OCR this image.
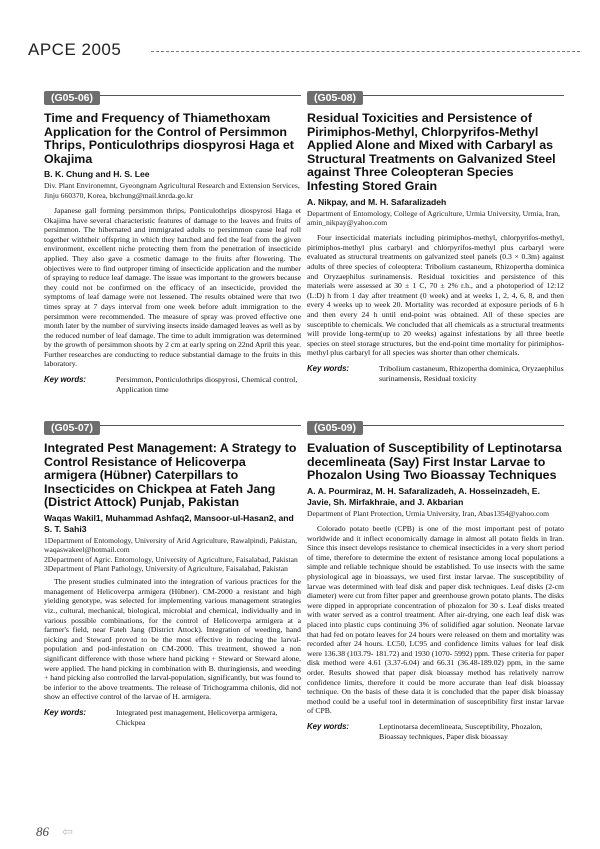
APCE 2005
(G05-06)
Time and Frequency of Thiamethoxam Application for the Control of Persimmon Thrips, Ponticulothrips diospyrosi Haga et Okajima
B. K. Chung and H. S. Lee
Div. Plant Environemnt, Gyeongnam Agricultural Research and Extension Services, Jinju 660370, Korea, bkchung@mail.knrda.go.kr
Japanese gall forming persimmon thrips, Ponticulothrips diospyrosi Haga et Okajima have several characteristic features of damage to the leaves and fruits of persimmon. The hibernated and immigrated adults to persimmon cause leaf roll together withtheir offspring in which they hatched and fed the leaf from the given environment, excellent niche protecting them from the penetration of insecticide applied. They also gave a cosmetic damage to the fruits after flowering. The objectives were to find outproper timing of insecticide application and the number of spraying to reduce leaf damage. The issue was important to the growers because they could not be confirmed on the efficacy of an insecticide, provided the symptoms of leaf damage were not lessened. The results obtained were that two times spray at 7 days interval from one week before adult immigration to the persimmon were recommended. The measure of spray was proved effective one month later by the number of surviving insects inside damaged leaves as well as by the reduced number of leaf damage. The time to adult immigration was determined by the growth of persimmon shoots by 2 cm at early spring on 22nd April this year. Further researches are conducting to reduce substantial damage to the fruits in this laboratory.
Key words:	Persimmon, Ponticulothrips diospyrosi, Chemical control, Application time
(G05-07)
Integrated Pest Management: A Strategy to Control Resistance of Helicoverpa armigera (Hübner) Caterpillars to Insecticides on Chickpea at Fateh Jang (District Attock) Punjab, Pakistan
Waqas Wakil1, Muhammad Ashfaq2, Mansoor-ul-Hasan2, and S. T. Sahi3
1Department of Entomology, University of Arid Agriculture, Rawalpindi, Pakistan, waqaswakeel@hotmail.com
2Department of Agric. Entomology, University of Agriculture, Faisalabad, Pakistan
3Department of Plant Pathology, University of Agriculture, Faisalabad, Pakistan
The present studies culminated into the integration of various practices for the management of Helicoverpa armigera (Hübner). CM-2000 a resistant and high yielding genotype, was selected for implementing various management strategies viz., cultural, mechanical, biological, microbial and chemical, individually and in various possible combinations, for the control of Helicoverpa armigera at a farmer's field, near Fateh Jang (District Attock). Integration of weeding, hand picking and Steward proved to be the most effective in reducing the larval-population and pod-infestation on CM-2000. This treatment, showed a non significant difference with those where hand picking + Steward or Steward alone, were applied. The hand picking in combination with B. thuringiensis, and weeding + hand picking also controlled the larval-population, significantly, but was found to be inferior to the above treatments. The release of Trichogramma chilonis, did not show an effective control of the larvae of H. armigera.
Key words:	Integrated pest management, Helicoverpa armigera, Chickpea
(G05-08)
Residual Toxicities and Persistence of Pirimiphos-Methyl, Chlorpyrifos-Methyl Applied Alone and Mixed with Carbaryl as Structural Treatments on Galvanized Steel against Three Coleopteran Species Infesting Stored Grain
A. Nikpay, and M. H. Safaralizadeh
Department of Entomology, College of Agriculture, Urmia University, Urmia, Iran, amin_nikpay@yahoo.com
Four insecticidal materials including pirimiphos-methyl, chlorpyrifos-methyl, pirimiphos-methyl plus carbaryl and chlorpyrifos-methyl plus carbaryl were evaluated as structural treatments on galvanized steel panels (0.3 × 0.3m) against adults of three species of coleoptera: Tribolium castaneum, Rhizopertha dominica and Oryzaephilus surinamensis. Residual toxicities and persistence of this materials were assessed at 30 ± 1 C, 70 ± 2% r.h., and a photoperiod of 12:12 (L:D) h from 1 day after treatment (0 week) and at weeks 1, 2, 4, 6, 8, and then every 4 weeks up to week 20. Mortality was recorded at exposure periods of 6 h and then every 24 h until end-point was obtained. All of these species are susceptible to chemicals. We concluded that all chemicals as a structural treatments will provide long-term(up to 20 weeks) against infestations by all three beetle species on steel storage structures, but the end-point time mortality for pirimiphos-methyl plus carbaryl for all species was shorter than other chemicals.
Key words:	Tribolium castaneum, Rhizopertha dominica, Oryzaephilus surinamensis, Residual toxicity
(G05-09)
Evaluation of Susceptibility of Leptinotarsa decemlineata (Say) First Instar Larvae to Phozalon Using Two Bioassay Techniques
A. A. Pourmiraz, M. H. Safaralizadeh, A. Hosseinzadeh, E. Javie, Sh. Mirfakhraie, and J. Akbarian
Department of Plant Protection, Urmia University, Iran, Abas1354@yahoo.com
Colorado potato beetle (CPB) is one of the most important pest of potato worldwide and it inflect economically damage in almost all potato fields in Iran. Since this insect develops resistance to chemical insecticides in a very short period of time, therefore to determine the extent of resistance among local populations a simple and reliable technique should be established. To use insects with the same physiological age in bioassays, we used first instar larvae. The susceptibility of larvae was determined with leaf disk and paper disk techniques. Leaf disks (2-cm diameter) were cut from filter paper and greenhouse grown potato plants. The disks were dipped in appropriate concentration of phozalon for 30 s. Leaf disks treated with water served as a control treatment. After air-drying, one each leaf disk was placed into plastic cups continuing 3% of solidified agar solution. Neonate larvae that had fed on potato leaves for 24 hours were released on them and mortality was recorded after 24 hours. LC50, LC95 and confidence limits values for leaf disk were 136.38 (103.79- 181.72) and 1930 (1070- 5992) ppm. These criteria for paper disk method were 4.61 (3.37-6.04) and 66.31 (36.48-189.02) ppm, in the same order. Results showed that paper disk bioassay method has relatively narrow confidence limits, therefore it could be more accurate than leaf disk bioassay technique. On the basis of these data it is concluded that the paper disk bioassay method could be a useful tool in determination of susceptibility first instar larvae of CPB.
Key words:	Leptinotarsa decemlineata, Susceptibility, Phozalon, Bioassay techniques, Paper disk bioassay
86 ⇦
